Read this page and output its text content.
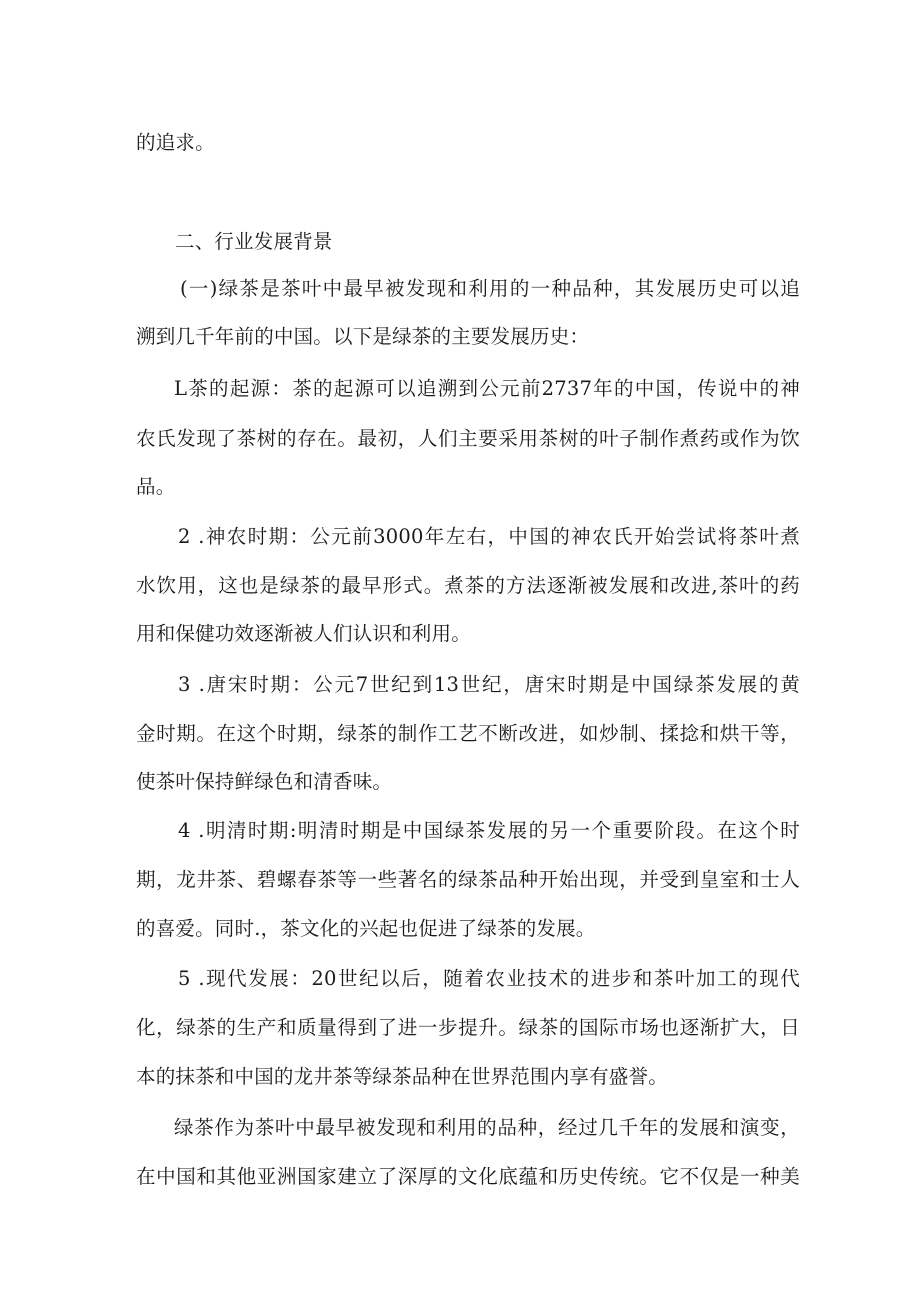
的追求。
二、行业发展背景
(一)绿茶是茶叶中最早被发现和利用的一种品种，其发展历史可以追
溯到几千年前的中国。以下是绿茶的主要发展历史：
L茶的起源：茶的起源可以追溯到公元前2737年的中国，传说中的神
农氏发现了茶树的存在。最初，人们主要采用茶树的叶子制作煮药或作为饮
品。
2 .神农时期：公元前3000年左右，中国的神农氏开始尝试将茶叶煮
水饮用，这也是绿茶的最早形式。煮茶的方法逐渐被发展和改进,茶叶的药
用和保健功效逐渐被人们认识和利用。
3 .唐宋时期：公元7世纪到13世纪，唐宋时期是中国绿茶发展的黄
金时期。在这个时期，绿茶的制作工艺不断改进，如炒制、揉捻和烘干等，
使茶叶保持鲜绿色和清香味。
4 .明清时期:明清时期是中国绿茶发展的另一个重要阶段。在这个时
期，龙井茶、碧螺春茶等一些著名的绿茶品种开始出现，并受到皇室和士人
的喜爱。同时.，茶文化的兴起也促进了绿茶的发展。
5 .现代发展：20世纪以后，随着农业技术的进步和茶叶加工的现代
化，绿茶的生产和质量得到了进一步提升。绿茶的国际市场也逐渐扩大，日
本的抹茶和中国的龙井茶等绿茶品种在世界范围内享有盛誉。
绿茶作为茶叶中最早被发现和利用的品种，经过几千年的发展和演变，
在中国和其他亚洲国家建立了深厚的文化底蕴和历史传统。它不仅是一种美
